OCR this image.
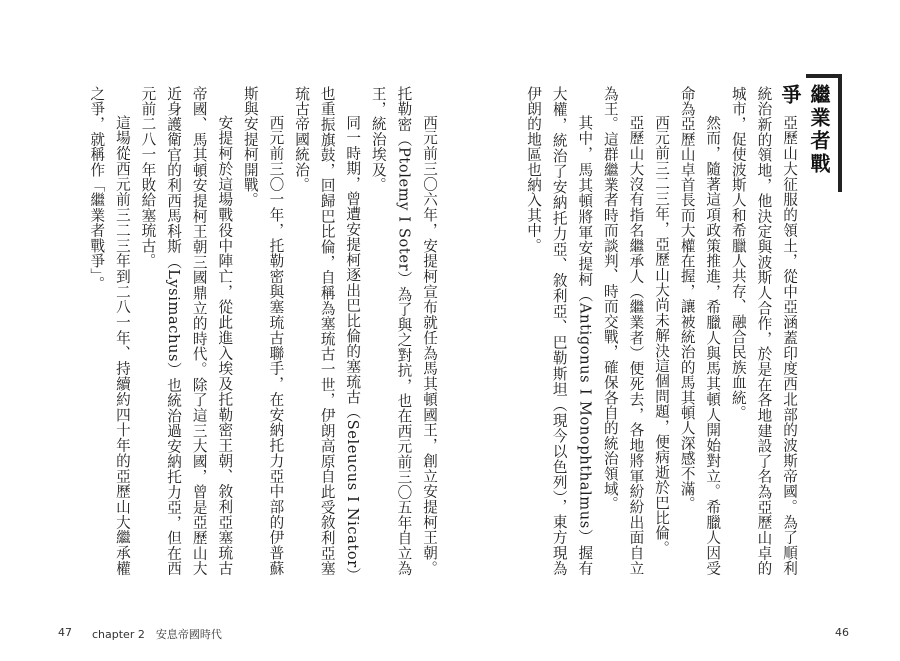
繼業者戰爭

亞歷山大征服的領土，從中亞涵蓋印度西北部的波斯帝國。為了順利統治新的領地，他決定與波斯人合作，於是在各地建設了名為亞歷山卓的城市，促使波斯人和希臘人共存、融合民族血統。

然而，隨著這項政策推進，希臘人與馬其頓人開始對立。希臘人因受命為亞歷山卓首長而大權在握，讓被統治的馬其頓人深感不滿。

西元前三二三年，亞歷山大尚未解決這個問題，便病逝於巴比倫。

亞歷山大沒有指名繼承人（繼業者）便死去，各地將軍紛紛出面自立為王。這群繼業者時而談判、時而交戰，確保各自的統治領域。

其中，馬其頓將軍安提柯（Antigonus I Monophthalmus）握有大權，統治了安納托力亞、敘利亞、巴勒斯坦（現今以色列），東方現為伊朗的地區也納入其中。

西元前三〇六年，安提柯宣布就任為馬其頓國王，創立安提柯王朝。托勒密（Ptolemy I Soter）為了與之對抗，也在西元前三〇五年自立為王，統治埃及。

同一時期，曾遭安提柯逐出巴比倫的塞琉古（Seleucus I Nicator）也重振旗鼓，回歸巴比倫，自稱為塞琉古一世，伊朗高原自此受敘利亞塞琉古帝國統治。

西元前三〇一年，托勒密與塞琉古聯手，在安納托力亞中部的伊普蘇斯與安提柯開戰。

安提柯於這場戰役中陣亡，從此進入埃及托勒密王朝、敘利亞塞琉古帝國、馬其頓安提柯王朝三國鼎立的時代。除了這三大國，曾是亞歷山大近身護衛官的利西馬科斯（Lysimachus）也統治過安納托力亞，但在西元前二八一年敗給塞琉古。

這場從西元前三二三年到二八一年、持續約四十年的亞歷山大繼承權之爭，就稱作「繼業者戰爭」。

47 chapter 2　安息帝國時代	46
